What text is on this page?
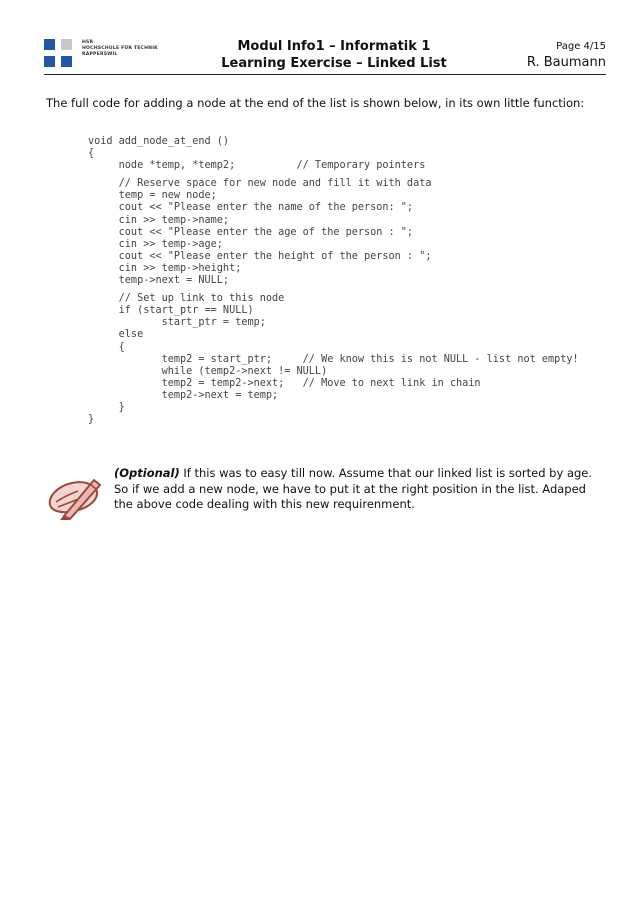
HSR
HOCHSCHULE FÜR TECHNIK
RAPPERSWIL
Modul Info1 – Informatik 1
Learning Exercise – Linked List
Page 4/15
R. Baumann
The full code for adding a node at the end of the list is shown below, in its own little function:
void add_node_at_end ()
{
node *temp, *temp2;          // Temporary pointers
// Reserve space for new node and fill it with data
temp = new node;
cout << "Please enter the name of the person: ";
cin >> temp->name;
cout << "Please enter the age of the person : ";
cin >> temp->age;
cout << "Please enter the height of the person : ";
cin >> temp->height;
temp->next = NULL;
// Set up link to this node
if (start_ptr == NULL)
start_ptr = temp;
else
{
temp2 = start_ptr;     // We know this is not NULL - list not empty!
while (temp2->next != NULL)
temp2 = temp2->next;   // Move to next link in chain
temp2->next = temp;
}
}
(Optional) If this was to easy till now. Assume that our linked list is sorted by age. So if we add a new node, we have to put it at the right position in the list. Adaped the above code dealing with this new requirenment.
